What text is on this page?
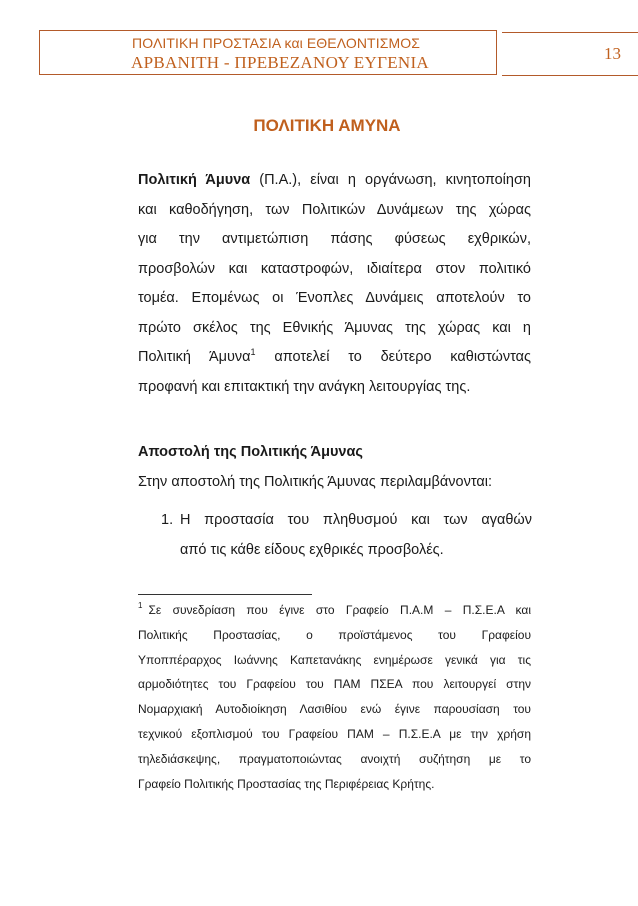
ΠΟΛΙΤΙΚΗ ΠΡΟΣΤΑΣΙΑ και ΕΘΕΛΟΝΤΙΣΜΟΣ
ΑΡΒΑΝΙΤΗ - ΠΡΕΒΕΖΑΝΟΥ ΕΥΓΕΝΙΑ	13
ΠΟΛΙΤΙΚΗ ΑΜΥΝΑ
Πολιτική Άμυνα (Π.Α.), είναι η οργάνωση, κινητοποίηση
και καθοδήγηση, των Πολιτικών Δυνάμεων της χώρας
για την αντιμετώπιση πάσης φύσεως εχθρικών,
προσβολών και καταστροφών, ιδιαίτερα στον πολιτικό
τομέα. Επομένως οι Ένοπλες Δυνάμεις αποτελούν το
πρώτο σκέλος της Εθνικής Άμυνας της χώρας και η
Πολιτική Άμυνα$^1$ αποτελεί το δεύτερο καθιστώντας
προφανή και επιτακτική την ανάγκη λειτουργίας της.
Αποστολή της Πολιτικής Άμυνας
Στην αποστολή της Πολιτικής Άμυνας περιλαμβάνονται:
1. Η προστασία του πληθυσμού και των αγαθών
από τις κάθε είδους εχθρικές προσβολές.
$^1$ Σε συνεδρίαση που έγινε στο Γραφείο Π.Α.Μ – Π.Σ.Ε.Α και
Πολιτικής Προστασίας, ο προϊστάμενος του Γραφείου
Υποππέραρχος Ιωάννης Καπετανάκης ενημέρωσε γενικά για τις
αρμοδιότητες του Γραφείου του ΠΑΜ ΠΣΕΑ που λειτουργεί στην
Νομαρχιακή Αυτοδιοίκηση Λασιθίου ενώ έγινε παρουσίαση του
τεχνικού εξοπλισμού του Γραφείου ΠΑΜ – Π.Σ.Ε.Α με την χρήση
τηλεδιάσκεψης, πραγματοποιώντας ανοιχτή συζήτηση με το
Γραφείο Πολιτικής Προστασίας της Περιφέρειας Κρήτης.
